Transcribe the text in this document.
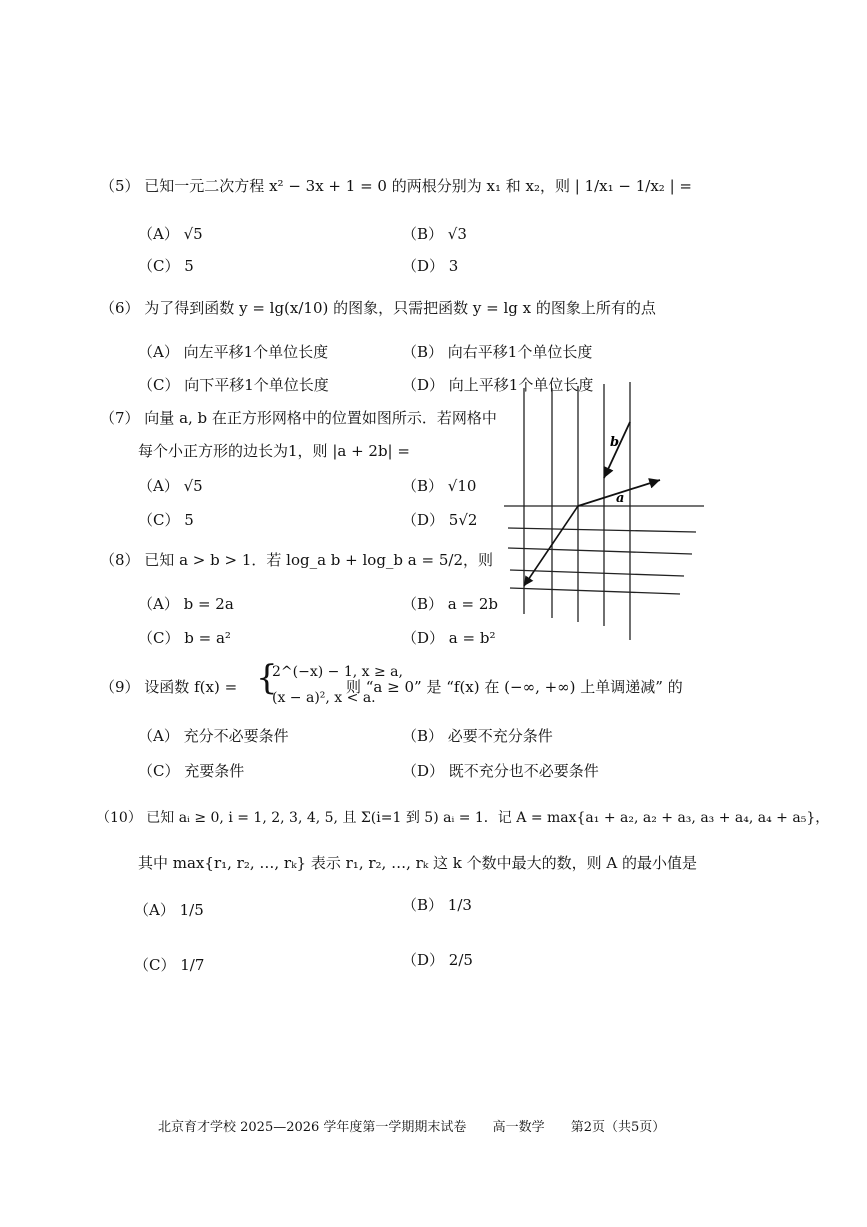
（5） 已知一元二次方程 x² − 3x + 1 = 0 的两根分别为 x₁ 和 x₂，则 | 1/x₁ − 1/x₂ | =
（A） √5	（B） √3
（C） 5	（D） 3
（6） 为了得到函数 y = lg(x/10) 的图象，只需把函数 y = lg x 的图象上所有的点
（A） 向左平移1个单位长度	（B） 向右平移1个单位长度
（C） 向下平移1个单位长度	（D） 向上平移1个单位长度
（7） 向量 a, b 在正方形网格中的位置如图所示．若网格中
每个小正方形的边长为1，则 |a + 2b| =
（A） √5	（B） √10
（C） 5	（D） 5√2
a
b
（8） 已知 a > b > 1．若 log_a b + log_b a = 5/2，则
（A） b = 2a	（B） a = 2b
（C） b = a²	（D） a = b²
（9） 设函数 f(x) = {
2^(−x) − 1, x ≥ a,
(x − a)², x < a.
则 “a ≥ 0” 是 “f(x) 在 (−∞, +∞) 上单调递减” 的
（A） 充分不必要条件	（B） 必要不充分条件
（C） 充要条件	（D） 既不充分也不必要条件
（10） 已知 aᵢ ≥ 0, i = 1, 2, 3, 4, 5, 且 Σ(i=1 到 5) aᵢ = 1．记 A = max{a₁ + a₂, a₂ + a₃, a₃ + a₄, a₄ + a₅}，
其中 max{r₁, r₂, …, rₖ} 表示 r₁, r₂, …, rₖ 这 k 个数中最大的数，则 A 的最小值是
（A） 1/5	（B） 1/3
（C） 1/7	（D） 2/5
北京育才学校 2025—2026 学年度第一学期期末试卷 高一数学 第2页（共5页）
